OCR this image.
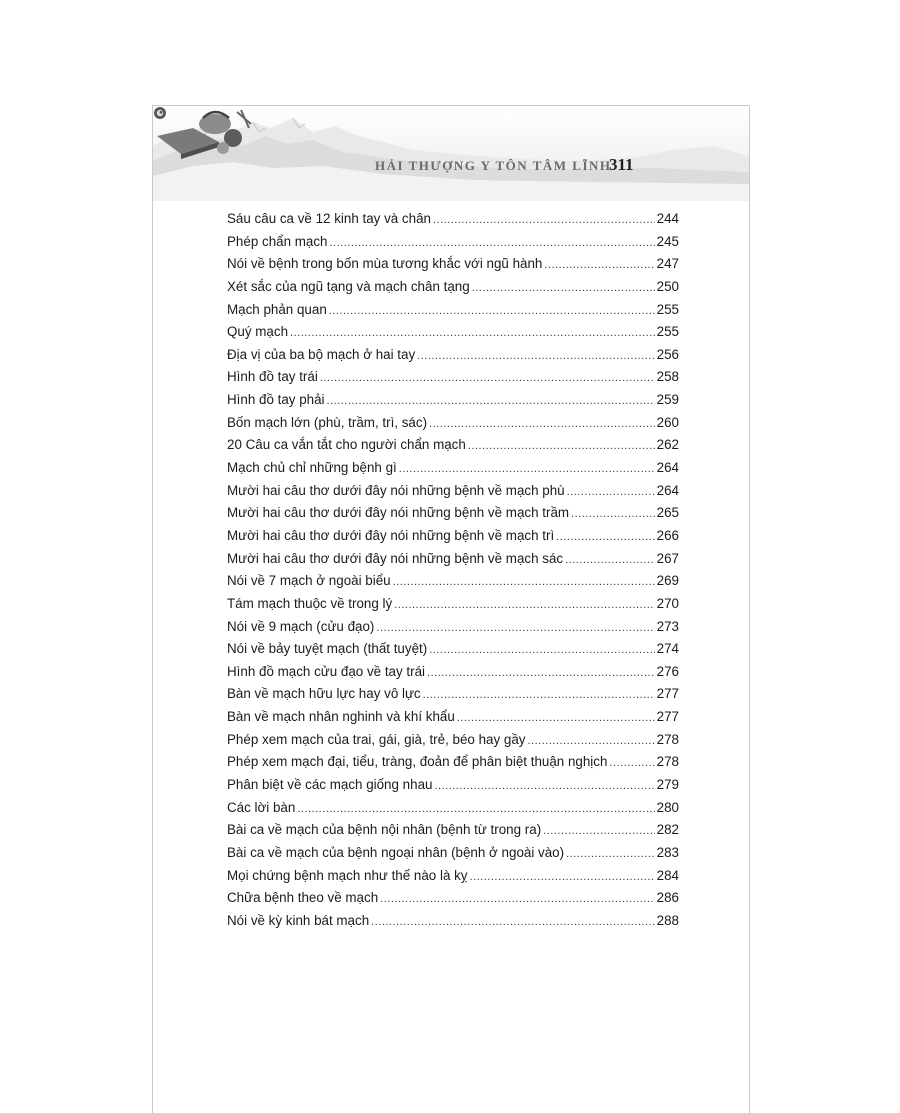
HẢI THƯỢNG Y TÔN TÂM LĨNH
311
Sáu câu ca về 12 kinh tay và chân .....	244
Phép chẩn mạch .....	245
Nói về bệnh trong bốn mùa tương khắc với ngũ hành .....	247
Xét sắc của ngũ tạng và mạch chân tạng .....	250
Mạch phản quan .....	255
Quý mạch .....	255
Địa vị của ba bộ mạch ở hai tay .....	256
Hình đồ tay trái .....	258
Hình đồ tay phải .....	259
Bốn mạch lớn (phù, trầm, trì, sác) .....	260
20 Câu ca vắn tắt cho người chẩn mạch .....	262
Mạch chủ chỉ những bệnh gì .....	264
Mười hai câu thơ dưới đây nói những bệnh về mạch phù .....	264
Mười hai câu thơ dưới đây nói những bệnh về mạch trầm .....	265
Mười hai câu thơ dưới đây nói những bệnh về mạch trì .....	266
Mười hai câu thơ dưới đây nói những bệnh về mạch sác .....	267
Nói về 7 mạch ở ngoài biểu .....	269
Tám mạch thuộc về trong lý .....	270
Nói về 9 mạch (cửu đạo) .....	273
Nói về bảy tuyệt mạch (thất tuyệt) .....	274
Hình đồ mạch cửu đạo về tay trái .....	276
Bàn về mạch hữu lực hay vô lực .....	277
Bàn về mạch nhân nghinh và khí khẩu .....	277
Phép xem mạch của trai, gái, già, trẻ, béo hay gầy .....	278
Phép xem mạch đại, tiểu, tràng, đoản để phân biệt thuận nghịch .....	278
Phân biệt về các mạch giống nhau .....	279
Các lời bàn .....	280
Bài ca về mạch của bệnh nội nhân (bệnh từ trong ra) .....	282
Bài ca về mạch của bệnh ngoại nhân (bệnh ở ngoài vào) .....	283
Mọi chứng bệnh mạch như thế nào là kỵ .....	284
Chữa bệnh theo về mạch .....	286
Nói về kỳ kinh bát mạch .....	288
